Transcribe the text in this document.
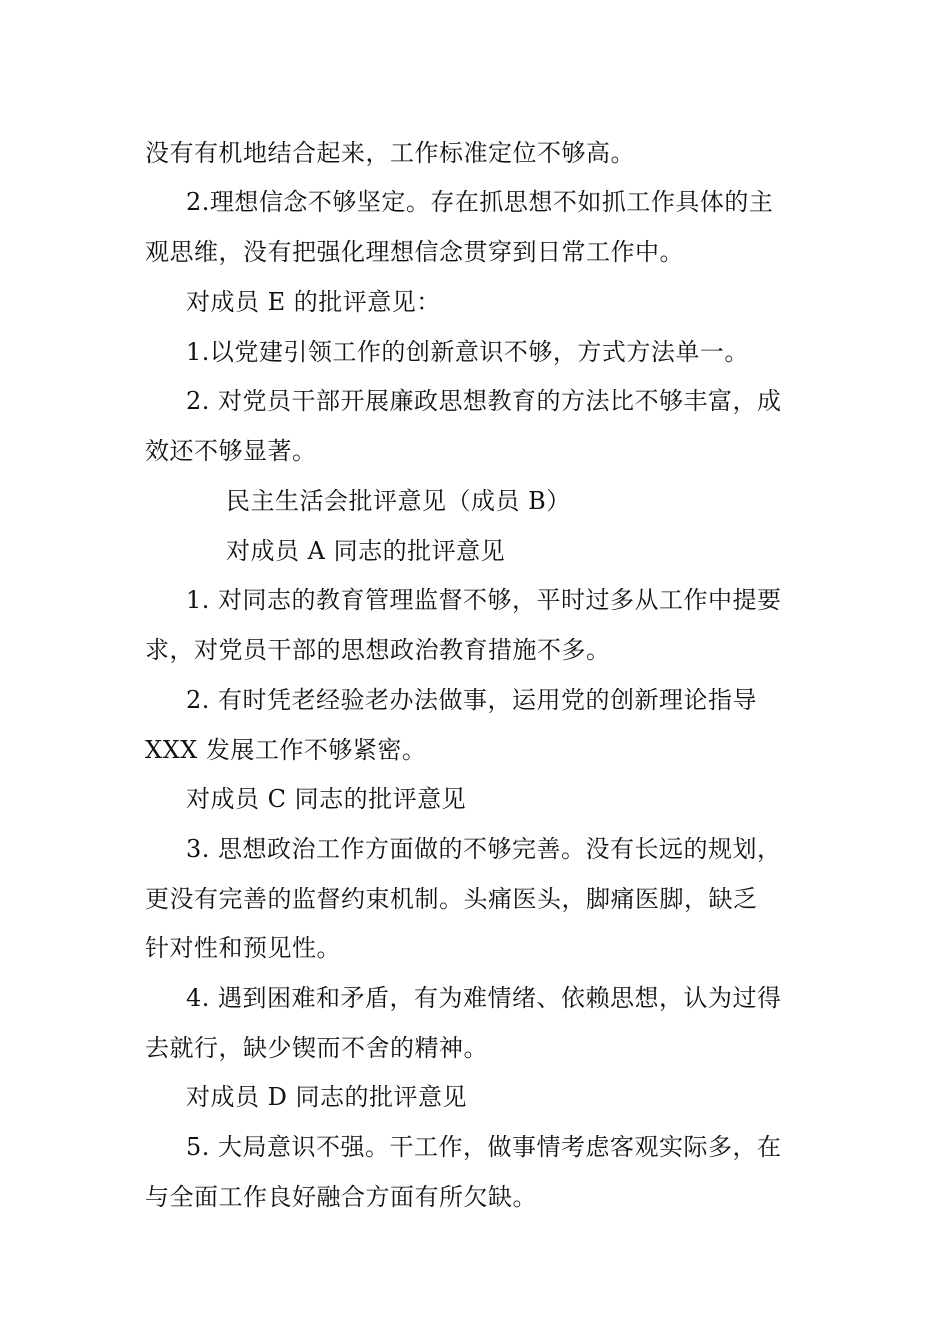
没有有机地结合起来，工作标准定位不够高。
2.理想信念不够坚定。存在抓思想不如抓工作具体的主
观思维，没有把强化理想信念贯穿到日常工作中。
对成员 E 的批评意见：
1.以党建引领工作的创新意识不够，方式方法单一。
2. 对党员干部开展廉政思想教育的方法比不够丰富，成
效还不够显著。
民主生活会批评意见（成员 B）
对成员 A 同志的批评意见
1. 对同志的教育管理监督不够，平时过多从工作中提要
求，对党员干部的思想政治教育措施不多。
2. 有时凭老经验老办法做事，运用党的创新理论指导
XXX 发展工作不够紧密。
对成员 C 同志的批评意见
3. 思想政治工作方面做的不够完善。没有长远的规划，
更没有完善的监督约束机制。头痛医头，脚痛医脚，缺乏
针对性和预见性。
4. 遇到困难和矛盾，有为难情绪、依赖思想，认为过得
去就行，缺少锲而不舍的精神。
对成员 D 同志的批评意见
5. 大局意识不强。干工作，做事情考虑客观实际多，在
与全面工作良好融合方面有所欠缺。
